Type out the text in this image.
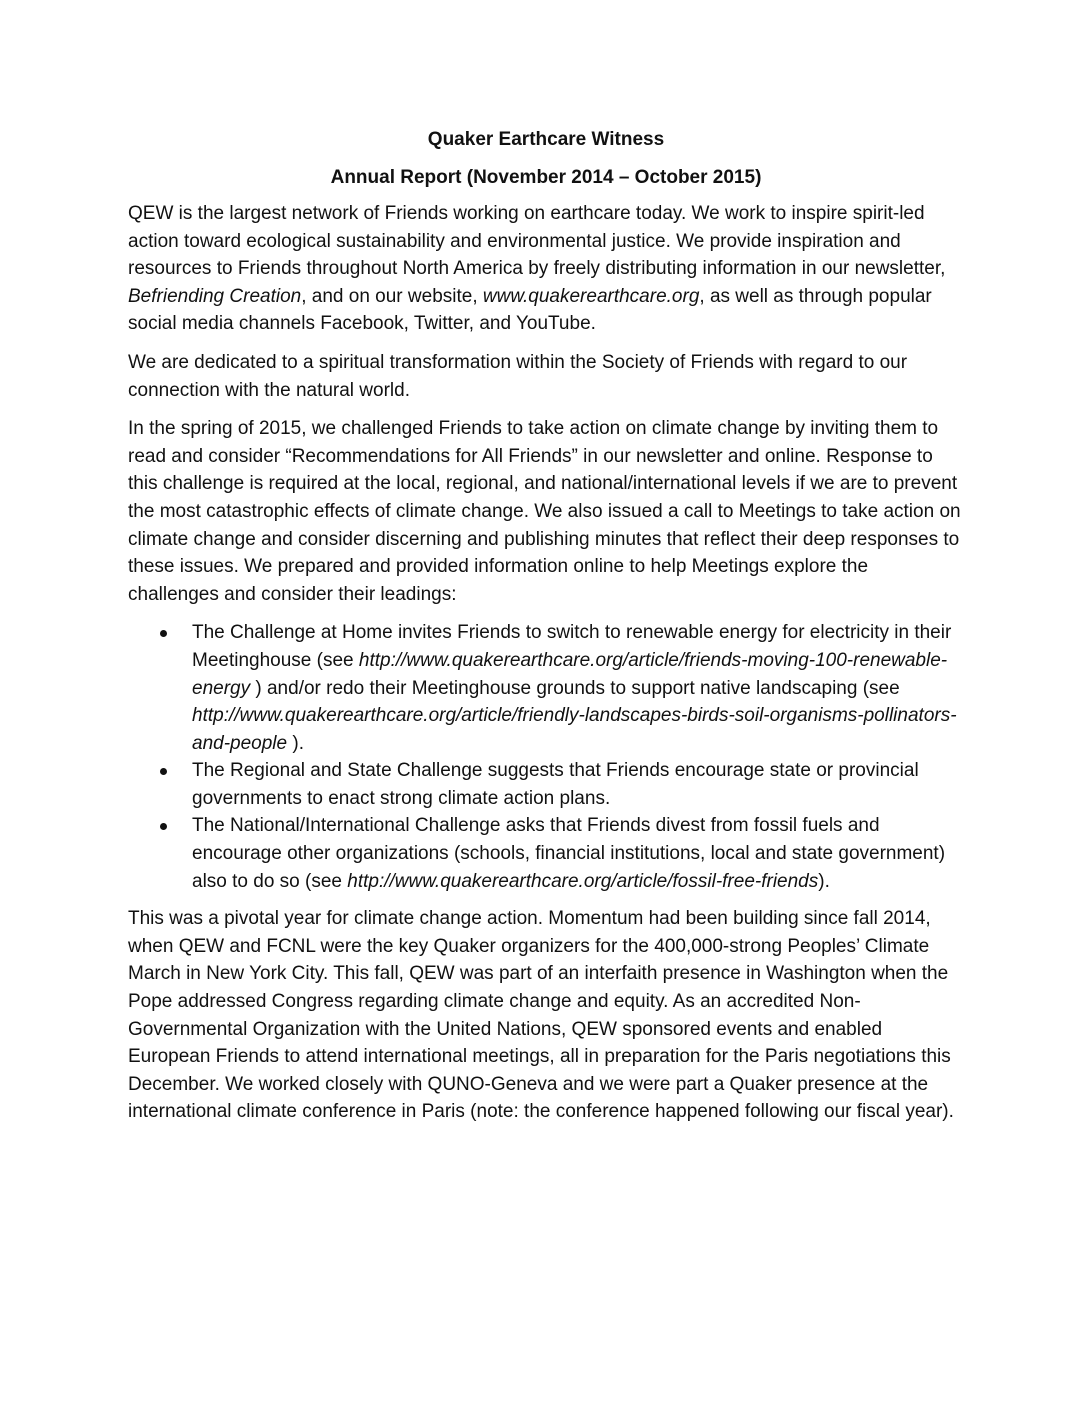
Quaker Earthcare Witness
Annual Report (November 2014 – October 2015)

QEW is the largest network of Friends working on earthcare today. We work to inspire spirit-led action toward ecological sustainability and environmental justice. We provide inspiration and resources to Friends throughout North America by freely distributing information in our newsletter, Befriending Creation, and on our website, www.quakerearthcare.org, as well as through popular social media channels Facebook, Twitter, and YouTube.

We are dedicated to a spiritual transformation within the Society of Friends with regard to our connection with the natural world.

In the spring of 2015, we challenged Friends to take action on climate change by inviting them to read and consider “Recommendations for All Friends” in our newsletter and online. Response to this challenge is required at the local, regional, and national/international levels if we are to prevent the most catastrophic effects of climate change. We also issued a call to Meetings to take action on climate change and consider discerning and publishing minutes that reflect their deep responses to these issues. We prepared and provided information online to help Meetings explore the challenges and consider their leadings:

The Challenge at Home invites Friends to switch to renewable energy for electricity in their Meetinghouse (see http://www.quakerearthcare.org/article/friends-moving-100-renewable-energy ) and/or redo their Meetinghouse grounds to support native landscaping (see http://www.quakerearthcare.org/article/friendly-landscapes-birds-soil-organisms-pollinators-and-people ).
The Regional and State Challenge suggests that Friends encourage state or provincial governments to enact strong climate action plans.
The National/International Challenge asks that Friends divest from fossil fuels and encourage other organizations (schools, financial institutions, local and state government) also to do so (see http://www.quakerearthcare.org/article/fossil-free-friends).

This was a pivotal year for climate change action. Momentum had been building since fall 2014, when QEW and FCNL were the key Quaker organizers for the 400,000-strong Peoples’ Climate March in New York City. This fall, QEW was part of an interfaith presence in Washington when the Pope addressed Congress regarding climate change and equity. As an accredited Non-Governmental Organization with the United Nations, QEW sponsored events and enabled European Friends to attend international meetings, all in preparation for the Paris negotiations this December. We worked closely with QUNO-Geneva and we were part a Quaker presence at the international climate conference in Paris (note: the conference happened following our fiscal year).
